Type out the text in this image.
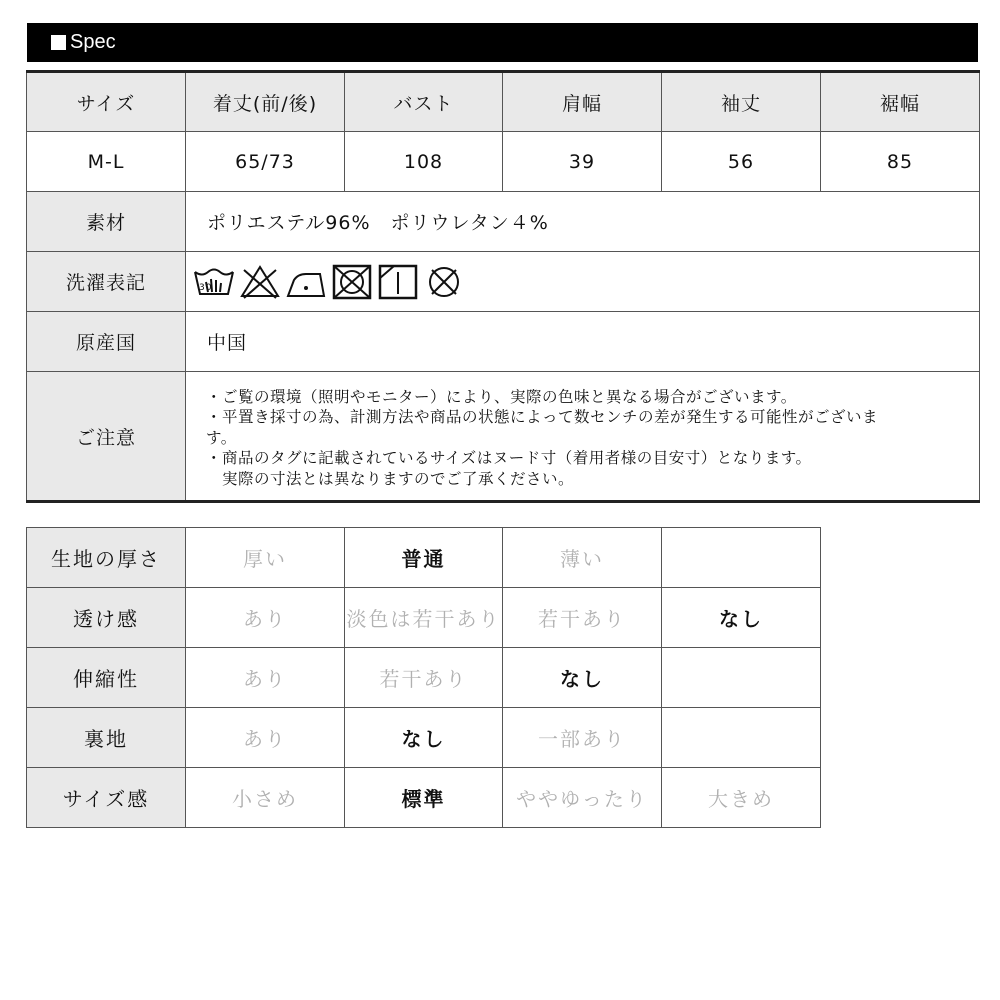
Spec
サイズ	着丈(前/後)	バスト	肩幅	袖丈	裾幅
M-L	65/73	108	39	56	85
素材	ポリエステル96%　ポリウレタン４%				
洗濯表記	30				

原産国	中国				
ご注意	・ご覧の環境（照明やモニター）により、実際の色味と異なる場合がございます。
・平置き採寸の為、計測方法や商品の状態によって数センチの差が発生する可能性がございま
す。
・商品のタグに記載されているサイズはヌード寸（着用者様の目安寸）となります。
実際の寸法とは異なりますのでご了承ください。				
生地の厚さ	厚い	普通	薄い	
透け感	あり	淡色は若干あり	若干あり	なし
伸縮性	あり	若干あり	なし	
裏地	あり	なし	一部あり	
サイズ感	小さめ	標準	ややゆったり	大きめ
